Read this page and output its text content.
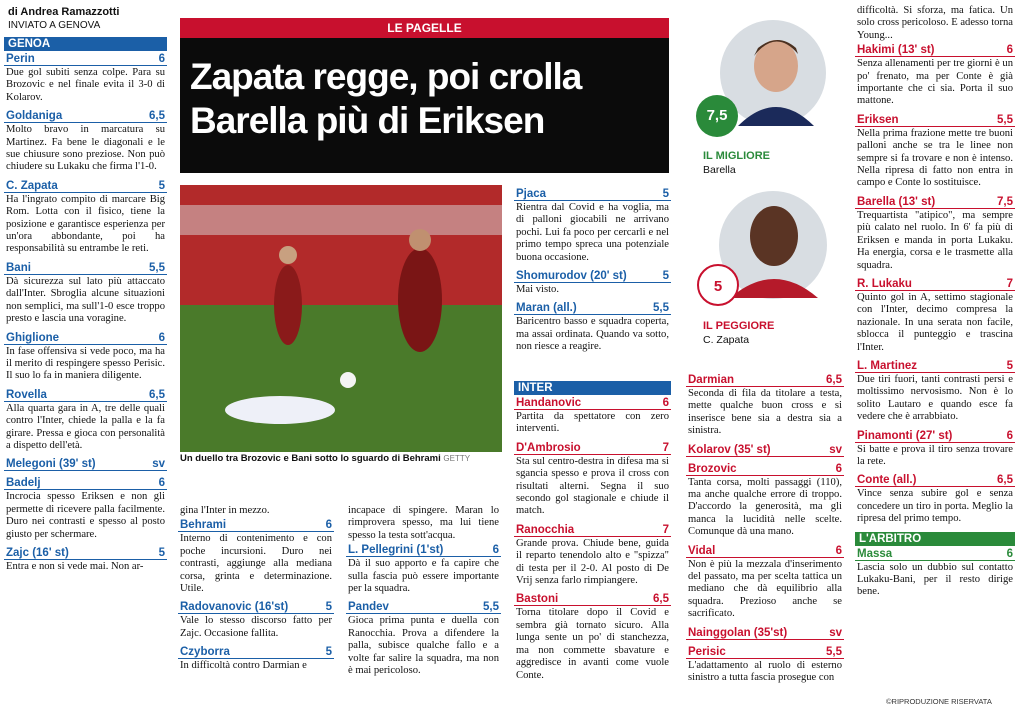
di Andrea Ramazzotti
INVIATO A GENOVA
GENOA
Perin	6
Due gol subiti senza colpe. Para su Brozovic e nel finale evita il 3-0 di Kolarov.
Goldaniga	6,5
Molto bravo in marcatura su Martinez. Fa bene le diagonali e le sue chiusure sono preziose. Non può chiudere su Lukaku che firma l'1-0.
C. Zapata	5
Ha l'ingrato compito di marcare Big Rom. Lotta con il fisico, tiene la posizione e garantisce esperienza per un'ora abbondante, poi ha responsabilità su entrambe le reti.
Bani	5,5
Dà sicurezza sul lato più attaccato dall'Inter. Sbroglia alcune situazioni non semplici, ma sull'1-0 esce troppo presto e lascia una voragine.
Ghiglione	6
In fase offensiva si vede poco, ma ha il merito di respingere spesso Perisic. Il suo lo fa in maniera diligente.
Rovella	6,5
Alla quarta gara in A, tre delle quali contro l'Inter, chiede la palla e la fa girare. Pressa e gioca con personalità a dispetto dell'età.
Melegoni (39' st)	sv
Badelj	6
Incrocia spesso Eriksen e non gli permette di ricevere palla facilmente. Duro nei contrasti e spesso al posto giusto per schermare.
Zajc (16' st)	5
Entra e non si vede mai. Non ar-
Zapata regge, poi crolla
Barella più di Eriksen
LE PAGELLE
Un duello tra Brozovic e Bani sotto lo sguardo di Behrami GETTY
gina l'Inter in mezzo.
Behrami	6
Interno di contenimento e con poche incursioni. Duro nei contrasti, aggiunge alla mediana corsa, grinta e determinazione. Utile.
Radovanovic (16'st)	5
Vale lo stesso discorso fatto per Zajc. Occasione fallita.
Czyborra	5
In difficoltà contro Darmian e
incapace di spingere. Maran lo rimprovera spesso, ma lui tiene spesso la testa sott'acqua.
L. Pellegrini (1'st)	6
Dà il suo apporto e fa capire che sulla fascia può essere importante per la squadra.
Pandev	5,5
Gioca prima punta e duella con Ranocchia. Prova a difendere la palla, subisce qualche fallo e a volte far salire la squadra, ma non è mai pericoloso.
Pjaca	5
Rientra dal Covid e ha voglia, ma di palloni giocabili ne arrivano pochi. Lui fa poco per cercarli e nel primo tempo spreca una potenziale buona occasione.
Shomurodov (20' st)	5
Mai visto.
Maran (all.)	5,5
Baricentro basso e squadra coperta, ma assai ordinata. Quando va sotto, non riesce a reagire.
INTER
Handanovic	6
Partita da spettatore con zero interventi.
D'Ambrosio	7
Sta sul centro-destra in difesa ma si sgancia spesso e prova il cross con risultati alterni. Segna il suo secondo gol stagionale e chiude il match.
Ranocchia	7
Grande prova. Chiude bene, guida il reparto tenendolo alto e "spizza" di testa per il 2-0. Al posto di De Vrij senza farlo rimpiangere.
Bastoni	6,5
Torna titolare dopo il Covid e sembra già tornato sicuro. Alla lunga sente un po' di stanchezza, ma non commette sbavature e aggredisce in avanti come vuole Conte.
7,5
IL MIGLIORE
Barella
5
IL PEGGIORE
C. Zapata
Darmian	6,5
Seconda di fila da titolare a testa, mette qualche buon cross e si inserisce bene sia a destra sia a sinistra.
Kolarov (35' st)	sv
Brozovic	6
Tanta corsa, molti passaggi (110), ma anche qualche errore di troppo. D'accordo la generosità, ma gli manca la lucidità nelle scelte. Comunque dà una mano.
Vidal	6
Non è più la mezzala d'inserimento del passato, ma per scelta tattica un mediano che dà equilibrio alla squadra. Prezioso anche se sacrificato.
Nainggolan (35'st)	sv
Perisic	5,5
L'adattamento al ruolo di esterno sinistro a tutta fascia prosegue con
difficoltà. Si sforza, ma fatica. Un solo cross pericoloso. E adesso torna Young...
Hakimi (13' st)	6
Senza allenamenti per tre giorni è un po' frenato, ma per Conte è già importante che ci sia. Porta il suo mattone.
Eriksen	5,5
Nella prima frazione mette tre buoni palloni anche se tra le linee non sempre si fa trovare e non è intenso. Nella ripresa di fatto non entra in campo e Conte lo sostituisce.
Barella (13' st)	7,5
Trequartista "atipico", ma sempre più calato nel ruolo. In 6' fa più di Eriksen e manda in porta Lukaku. Ha energia, corsa e le trasmette alla squadra.
R. Lukaku	7
Quinto gol in A, settimo stagionale con l'Inter, decimo compresa la nazionale. In una serata non facile, sblocca il punteggio e trascina l'Inter.
L. Martinez	5
Due tiri fuori, tanti contrasti persi e moltissimo nervosismo. Non è lo solito Lautaro e quando esce fa vedere che è arrabbiato.
Pinamonti (27' st)	6
Si batte e prova il tiro senza trovare la rete.
Conte (all.)	6,5
Vince senza subire gol e senza concedere un tiro in porta. Meglio la ripresa del primo tempo.
L'ARBITRO
Massa	6
Lascia solo un dubbio sul contatto Lukaku-Bani, per il resto dirige bene.
©RIPRODUZIONE RISERVATA
